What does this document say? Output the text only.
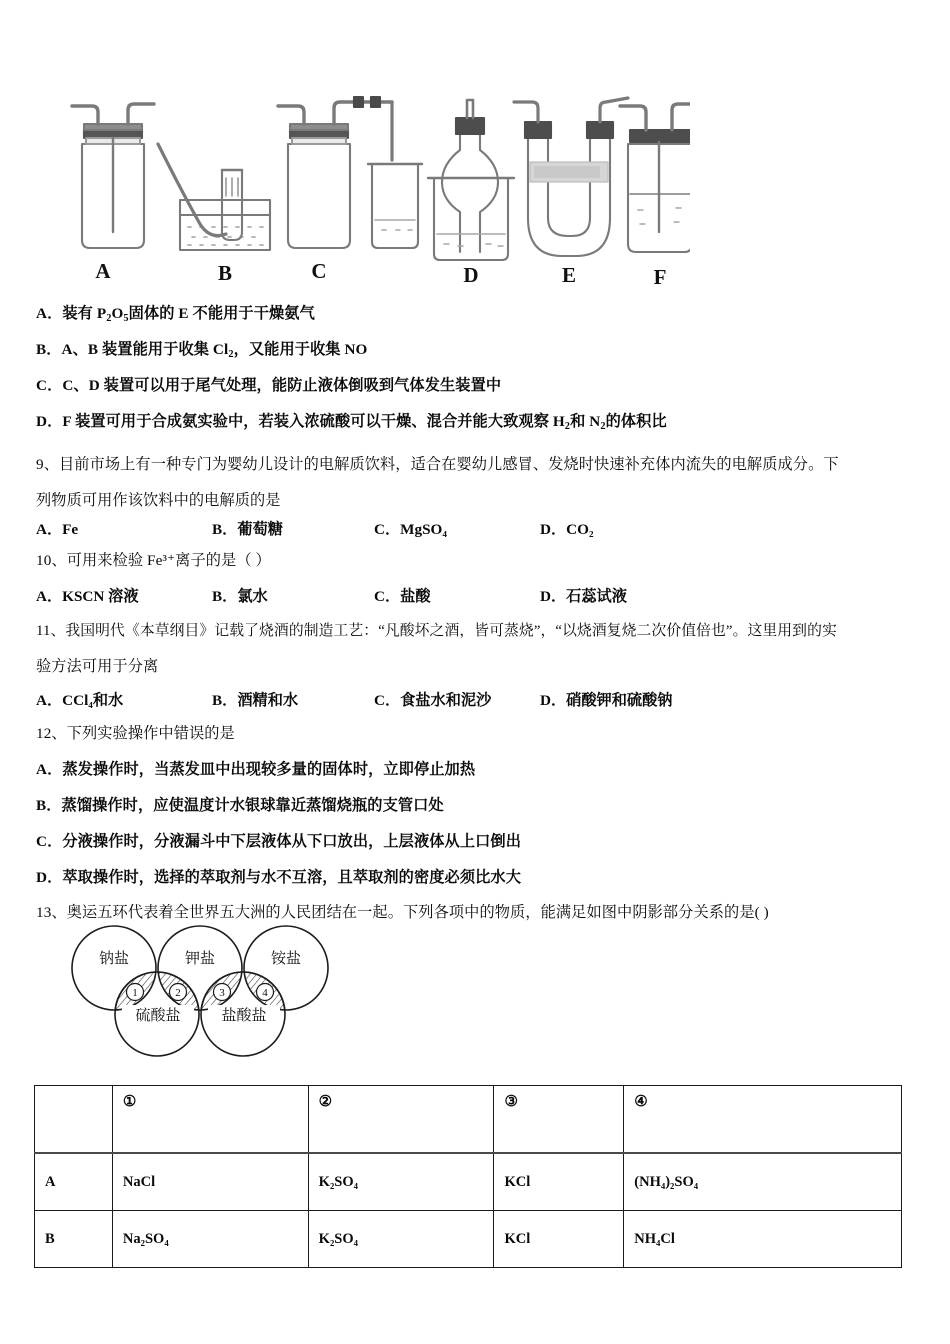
A	B	C	D	E	F
A．装有 $P_2O_5$固体的 E 不能用于干燥氨气
B．A、B 装置能用于收集 $Cl_2$，又能用于收集 NO
C．C、D 装置可以用于尾气处理，能防止液体倒吸到气体发生装置中
D．F 装置可用于合成氨实验中，若装入浓硫酸可以干燥、混合并能大致观察 $H_2$和 $N_2$的体积比
9、目前市场上有一种专门为婴幼儿设计的电解质饮料，适合在婴幼儿感冒、发烧时快速补充体内流失的电解质成分。下
列物质可用作该饮料中的电解质的是
A．Fe	B．葡萄糖	C．MgSO₄	D．CO₂
10、可用来检验 Fe³⁺离子的是（ ）
A．KSCN 溶液	B．氯水	C．盐酸	D．石蕊试液
11、我国明代《本草纲目》记载了烧酒的制造工艺：“凡酸坏之酒，皆可蒸烧”，“以烧酒复烧二次价值倍也”。这里用到的实
验方法可用于分离
A．CCl₄和水	B．酒精和水	C．食盐水和泥沙	D．硝酸钾和硫酸钠
12、下列实验操作中错误的是
A．蒸发操作时，当蒸发皿中出现较多量的固体时，立即停止加热
B．蒸馏操作时，应使温度计水银球靠近蒸馏烧瓶的支管口处
C．分液操作时，分液漏斗中下层液体从下口放出，上层液体从上口倒出
D．萃取操作时，选择的萃取剂与水不互溶，且萃取剂的密度必须比水大
13、奥运五环代表着全世界五大洲的人民团结在一起。下列各项中的物质，能满足如图中阴影部分关系的是( )
钠盐	钾盐	铵盐
硫酸盐	盐酸盐
1	2	3	4
	①	②	③	④
A	NaCl	K₂SO₄	KCl	(NH₄)₂SO₄
B	Na₂SO₄	K₂SO₄	KCl	NH₄Cl
